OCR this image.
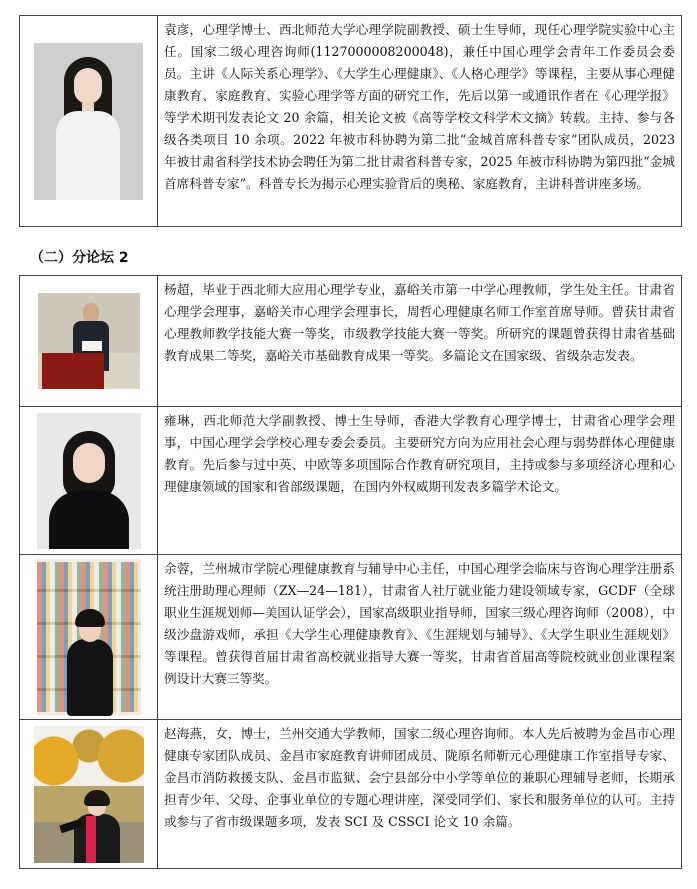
袁彦，心理学博士、西北师范大学心理学院副教授、硕士生导师，现任心理学院实验中心主任。国家二级心理咨询师(1127000008200048)，兼任中国心理学会青年工作委员会委员。主讲《人际关系心理学》、《大学生心理健康》、《人格心理学》等课程，主要从事心理健康教育、家庭教育、实验心理学等方面的研究工作，先后以第一或通讯作者在《心理学报》等学术期刊发表论文 20 余篇，相关论文被《高等学校文科学术文摘》转载。主持、参与各级各类项目 10 余项。2022 年被市科协聘为第二批“金城首席科普专家”团队成员，2023 年被甘肃省科学技术协会聘任为第二批甘肃省科普专家，2025 年被市科协聘为第四批“金城首席科普专家”。科普专长为揭示心理实验背后的奥秘、家庭教育，主讲科普讲座多场。
（二）分论坛 2
杨超，毕业于西北师大应用心理学专业，嘉峪关市第一中学心理教师，学生处主任。甘肃省心理学会理事，嘉峪关市心理学会理事长，周哲心理健康名师工作室首席导师。曾获甘肃省心理教师教学技能大赛一等奖，市级教学技能大赛一等奖。所研究的课题曾获得甘肃省基础教育成果二等奖，嘉峪关市基础教育成果一等奖。多篇论文在国家级、省级杂志发表。
雍琳，西北师范大学副教授、博士生导师，香港大学教育心理学博士，甘肃省心理学会理事，中国心理学会学校心理专委会委员。主要研究方向为应用社会心理与弱势群体心理健康教育。先后参与过中英、中欧等多项国际合作教育研究项目，主持或参与多项经济心理和心理健康领域的国家和省部级课题，在国内外权威期刊发表多篇学术论文。
余蓉，兰州城市学院心理健康教育与辅导中心主任，中国心理学会临床与咨询心理学注册系统注册助理心理师（ZX—24—181），甘肃省人社厅就业能力建设领域专家，GCDF（全球职业生涯规划师—美国认证学会），国家高级职业指导师，国家三级心理咨询师（2008），中级沙盘游戏师，承担《大学生心理健康教育》、《生涯规划与辅导》、《大学生职业生涯规划》等课程。曾获得首届甘肃省高校就业指导大赛一等奖，甘肃省首届高等院校就业创业课程案例设计大赛三等奖。
赵海燕，女，博士，兰州交通大学教师，国家二级心理咨询师。本人先后被聘为金昌市心理健康专家团队成员、金昌市家庭教育讲师团成员、陇原名师靳元心理健康工作室指导专家、金昌市消防救援支队、金昌市监狱、会宁县部分中小学等单位的兼职心理辅导老师，长期承担青少年、父母、企事业单位的专题心理讲座，深受同学们、家长和服务单位的认可。主持或参与了省市级课题多项，发表 SCI 及 CSSCI 论文 10 余篇。
